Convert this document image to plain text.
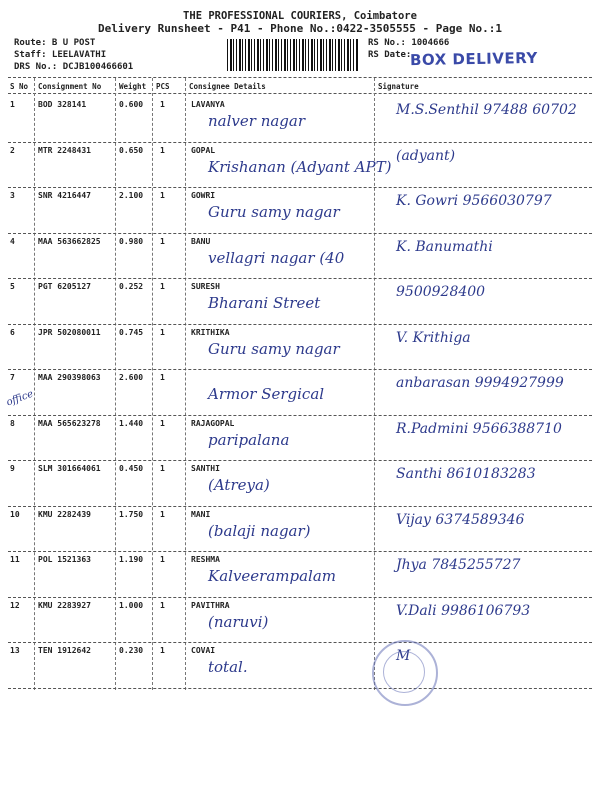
THE PROFESSIONAL COURIERS, Coimbatore
Delivery Runsheet - P41 - Phone No.:0422-3505555 - Page No.:1
Route: B U POST
Staff: LEELAVATHI
DRS No.: DCJB100466601
RS No.: 1004666
RS Date:
BOX DELIVERY
S No Consignment No Weight PCS	Consignee Details	Signature
1	BOD 328141	0.600 1	LAVANYA
nalver nagar
M.S.Senthil 97488 60702
2	MTR 2248431	0.650 1	GOPAL
Krishanan (Adyant APT)
(adyant)
3	SNR 4216447	2.100 1	GOWRI
Guru samy nagar
K. Gowri 9566030797
4	MAA 563662825 0.980 1	BANU
vellagri nagar (40
K. Banumathi
5	PGT 6205127	0.252 1	SURESH
Bharani Street
9500928400
6	JPR 502080011 0.745 1	KRITHIKA
Guru samy nagar
V. Krithiga
7	MAA 290398063 2.600 1
Armor Sergical
anbarasan 9994927999
8	MAA 565623278 1.440 1	RAJAGOPAL
paripalana
R.Padmini 9566388710
9	SLM 301664061 0.450 1	SANTHI
(Atreya)
Santhi 8610183283
10 KMU 2282439	1.750 1	MANI
(balaji nagar)
Vijay 6374589346
11 POL 1521363	1.190 1	RESHMA
Kalveerampalam
Jhya 7845255727
12 KMU 2283927	1.000 1	PAVITHRA
(naruvi)
V.Dali 9986106793
13 TEN 1912642	0.230 1	COVAI
total.
M
office
